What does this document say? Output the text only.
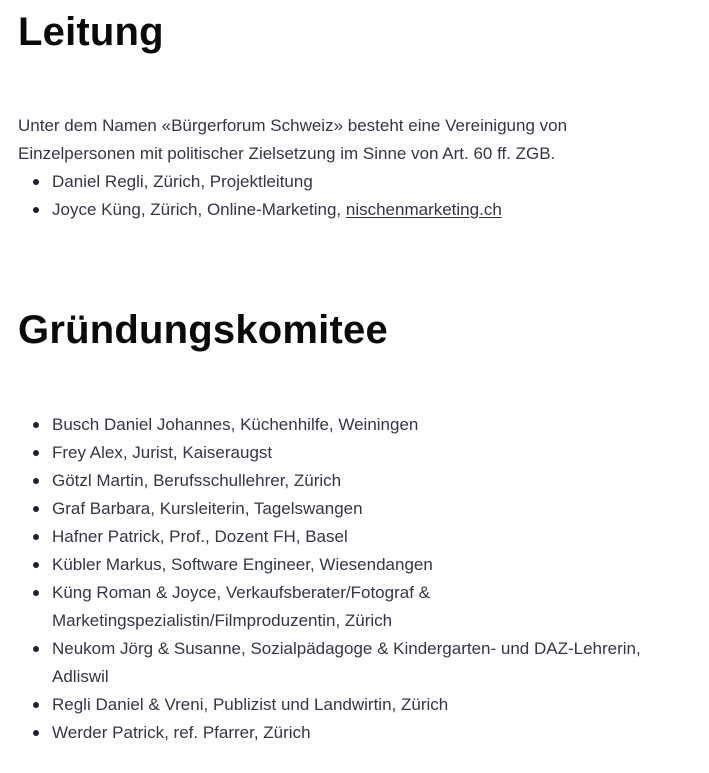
Leitung

Unter dem Namen «Bürgerforum Schweiz» besteht eine Vereinigung von Einzelpersonen mit politischer Zielsetzung im Sinne von Art. 60 ff. ZGB.

Daniel Regli, Zürich, Projektleitung
Joyce Küng, Zürich, Online-Marketing, nischenmarketing.ch
Gründungskomitee
Busch Daniel Johannes, Küchenhilfe, Weiningen
Frey Alex, Jurist, Kaiseraugst
Götzl Martin, Berufsschullehrer, Zürich
Graf Barbara, Kursleiterin, Tagelswangen
Hafner Patrick, Prof., Dozent FH, Basel
Kübler Markus, Software Engineer, Wiesendangen
Küng Roman & Joyce, Verkaufsberater/Fotograf & Marketingspezialistin/Filmproduzentin, Zürich
Neukom Jörg & Susanne, Sozialpädagoge & Kindergarten- und DAZ-Lehrerin, Adliswil
Regli Daniel & Vreni, Publizist und Landwirtin, Zürich
Werder Patrick, ref. Pfarrer, Zürich
